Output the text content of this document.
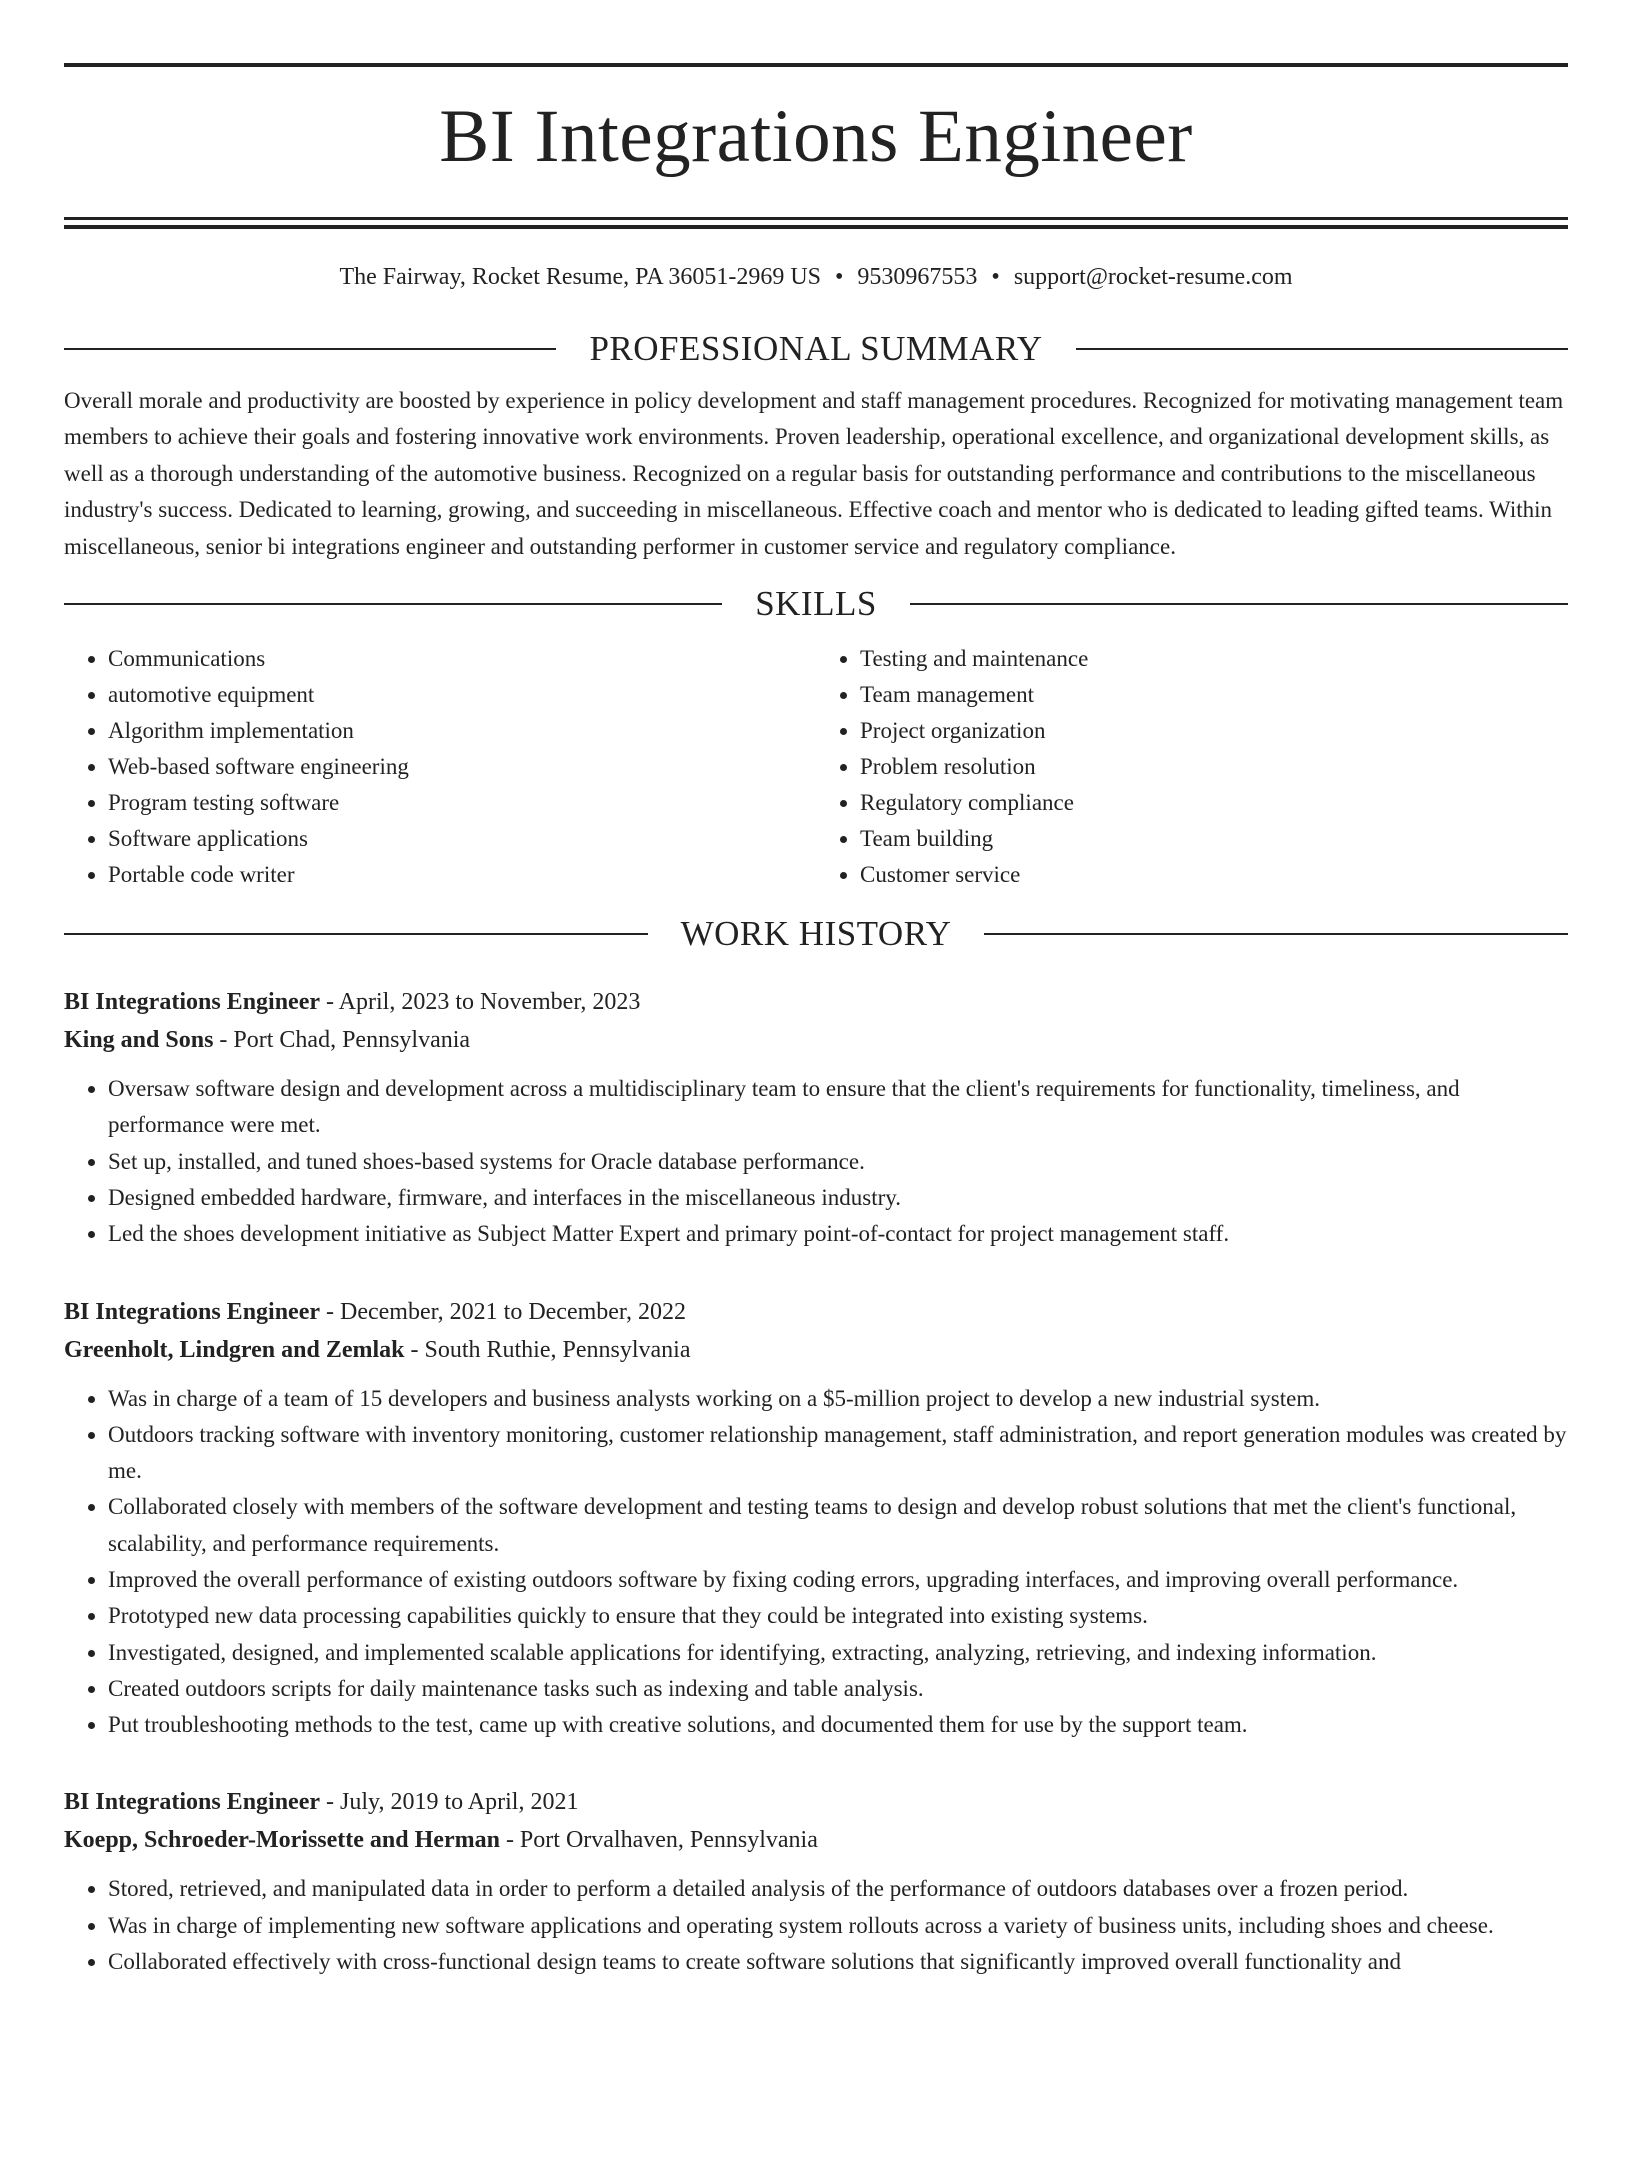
BI Integrations Engineer
The Fairway, Rocket Resume, PA 36051-2969 US • 9530967553 • support@rocket-resume.com
PROFESSIONAL SUMMARY
Overall morale and productivity are boosted by experience in policy development and staff management procedures. Recognized for motivating management team members to achieve their goals and fostering innovative work environments. Proven leadership, operational excellence, and organizational development skills, as well as a thorough understanding of the automotive business. Recognized on a regular basis for outstanding performance and contributions to the miscellaneous industry's success. Dedicated to learning, growing, and succeeding in miscellaneous. Effective coach and mentor who is dedicated to leading gifted teams. Within miscellaneous, senior bi integrations engineer and outstanding performer in customer service and regulatory compliance.
SKILLS
• Communications
• automotive equipment
• Algorithm implementation
• Web-based software engineering
• Program testing software
• Software applications
• Portable code writer
• Testing and maintenance
• Team management
• Project organization
• Problem resolution
• Regulatory compliance
• Team building
• Customer service
WORK HISTORY
BI Integrations Engineer - April, 2023 to November, 2023
King and Sons - Port Chad, Pennsylvania
• Oversaw software design and development across a multidisciplinary team to ensure that the client's requirements for functionality, timeliness, and performance were met.
• Set up, installed, and tuned shoes-based systems for Oracle database performance.
• Designed embedded hardware, firmware, and interfaces in the miscellaneous industry.
• Led the shoes development initiative as Subject Matter Expert and primary point-of-contact for project management staff.
BI Integrations Engineer - December, 2021 to December, 2022
Greenholt, Lindgren and Zemlak - South Ruthie, Pennsylvania
• Was in charge of a team of 15 developers and business analysts working on a $5-million project to develop a new industrial system.
• Outdoors tracking software with inventory monitoring, customer relationship management, staff administration, and report generation modules was created by me.
• Collaborated closely with members of the software development and testing teams to design and develop robust solutions that met the client's functional, scalability, and performance requirements.
• Improved the overall performance of existing outdoors software by fixing coding errors, upgrading interfaces, and improving overall performance.
• Prototyped new data processing capabilities quickly to ensure that they could be integrated into existing systems.
• Investigated, designed, and implemented scalable applications for identifying, extracting, analyzing, retrieving, and indexing information.
• Created outdoors scripts for daily maintenance tasks such as indexing and table analysis.
• Put troubleshooting methods to the test, came up with creative solutions, and documented them for use by the support team.
BI Integrations Engineer - July, 2019 to April, 2021
Koepp, Schroeder-Morissette and Herman - Port Orvalhaven, Pennsylvania
• Stored, retrieved, and manipulated data in order to perform a detailed analysis of the performance of outdoors databases over a frozen period.
• Was in charge of implementing new software applications and operating system rollouts across a variety of business units, including shoes and cheese.
• Collaborated effectively with cross-functional design teams to create software solutions that significantly improved overall functionality and
